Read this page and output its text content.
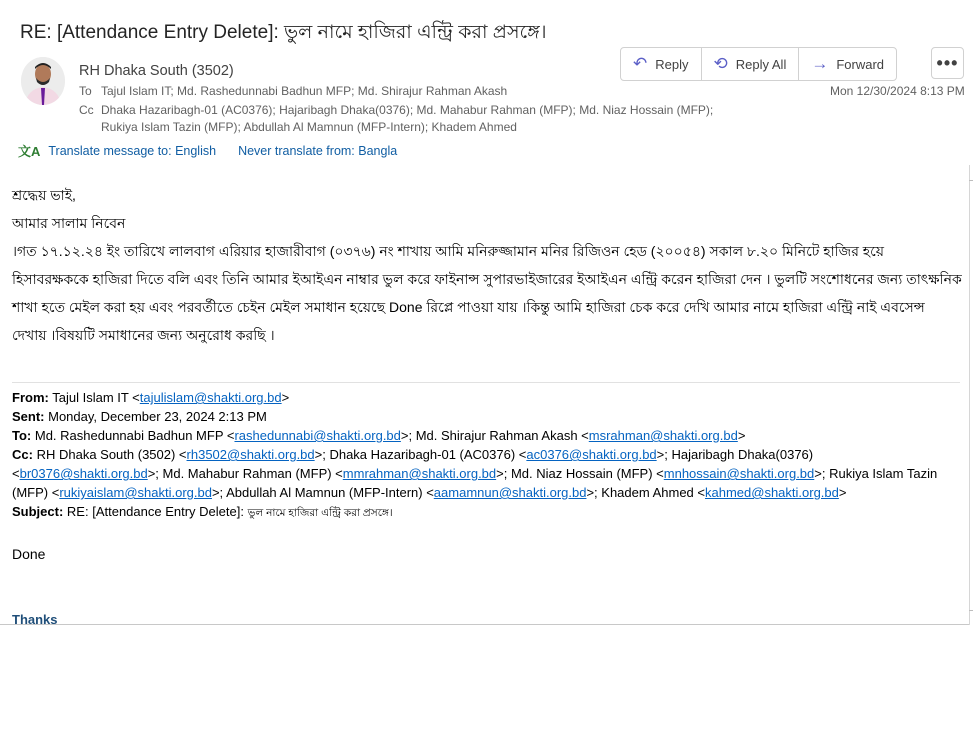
RE: [Attendance Entry Delete]: ভুল নামে হাজিরা এন্ট্রি করা প্রসঙ্গে।
RH Dhaka South (3502)
To Tajul Islam IT; Md. Rashedunnabi Badhun MFP; Md. Shirajur Rahman Akash
Cc Dhaka Hazaribagh-01 (AC0376); Hajaribagh Dhaka(0376); Md. Mahabur Rahman (MFP); Md. Niaz Hossain (MFP);
Rukiya Islam Tazin (MFP); Abdullah Al Mamnun (MFP-Intern); Khadem Ahmed
↶ Reply ⟲ Reply All → Forward	•••
Mon 12/30/2024 8:13 PM
文A Translate message to: English Never translate from: Bangla

শ্রদ্ধেয় ভাই,

আমার সালাম নিবেন

।গত ১৭.১২.২৪ ইং তারিখে লালবাগ এরিয়ার হাজারীবাগ (০৩৭৬) নং শাখায় আমি মনিরুজ্জামান মনির রিজিওন হেড (২০০৫৪) সকাল ৮.২০ মিনিটে হাজির হয়ে হিসাবরক্ষককে হাজিরা দিতে বলি এবং তিনি আমার ইআইএন নাম্বার ভুল করে ফাইনান্স সুপারভাইজারের ইআইএন এন্ট্রি করেন হাজিরা দেন । ভুলটি সংশোধনের জন্য তাৎক্ষনিক শাখা হতে মেইল করা হয় এবং পরবর্তীতে চেইন মেইল সমাধান হয়েছে Done রিপ্লে পাওয়া যায় ।কিন্তু আমি হাজিরা চেক করে দেখি আমার নামে হাজিরা এন্ট্রি নাই এবসেন্স দেখায় ।বিষয়টি সমাধানের জন্য অনুরোধ করছি ।

From: Tajul Islam IT <tajulislam@shakti.org.bd>
Sent: Monday, December 23, 2024 2:13 PM
To: Md. Rashedunnabi Badhun MFP <rashedunnabi@shakti.org.bd>; Md. Shirajur Rahman Akash <msrahman@shakti.org.bd>
Cc: RH Dhaka South (3502) <rh3502@shakti.org.bd>; Dhaka Hazaribagh-01 (AC0376) <ac0376@shakti.org.bd>; Hajaribagh Dhaka(0376) <br0376@shakti.org.bd>; Md. Mahabur Rahman (MFP) <mmrahman@shakti.org.bd>; Md. Niaz Hossain (MFP) <mnhossain@shakti.org.bd>; Rukiya Islam Tazin (MFP) <rukiyaislam@shakti.org.bd>; Abdullah Al Mamnun (MFP-Intern) <aamamnun@shakti.org.bd>; Khadem Ahmed <kahmed@shakti.org.bd>
Subject: RE: [Attendance Entry Delete]: ভুল নামে হাজিরা এন্ট্রি করা প্রসঙ্গে।
Done
Thanks
